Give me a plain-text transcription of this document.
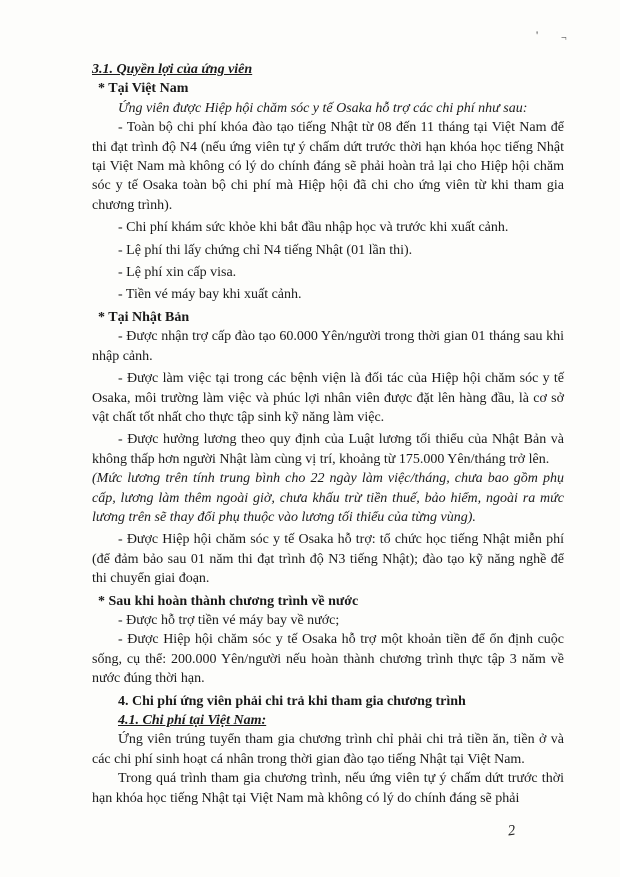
' ¬

3.1. Quyền lợi của ứng viên

* Tại Việt Nam

Ứng viên được Hiệp hội chăm sóc y tế Osaka hỗ trợ các chi phí như sau:

- Toàn bộ chi phí khóa đào tạo tiếng Nhật từ 08 đến 11 tháng tại Việt Nam để thi đạt trình độ N4 (nếu ứng viên tự ý chấm dứt trước thời hạn khóa học tiếng Nhật tại Việt Nam mà không có lý do chính đáng sẽ phải hoàn trả lại cho Hiệp hội chăm sóc y tế Osaka toàn bộ chi phí mà Hiệp hội đã chi cho ứng viên từ khi tham gia chương trình).

- Chi phí khám sức khỏe khi bắt đầu nhập học và trước khi xuất cảnh.

- Lệ phí thi lấy chứng chỉ N4 tiếng Nhật (01 lần thi).

- Lệ phí xin cấp visa.

- Tiền vé máy bay khi xuất cảnh.

* Tại Nhật Bản

- Được nhận trợ cấp đào tạo 60.000 Yên/người trong thời gian 01 tháng sau khi nhập cảnh.

- Được làm việc tại trong các bệnh viện là đối tác của Hiệp hội chăm sóc y tế Osaka, môi trường làm việc và phúc lợi nhân viên được đặt lên hàng đầu, là cơ sở vật chất tốt nhất cho thực tập sinh kỹ năng làm việc.

- Được hưởng lương theo quy định của Luật lương tối thiểu của Nhật Bản và không thấp hơn người Nhật làm cùng vị trí, khoảng từ 175.000 Yên/tháng trở lên.

(Mức lương trên tính trung bình cho 22 ngày làm việc/tháng, chưa bao gồm phụ cấp, lương làm thêm ngoài giờ, chưa khấu trừ tiền thuế, bảo hiểm, ngoài ra mức lương trên sẽ thay đổi phụ thuộc vào lương tối thiểu của từng vùng).

- Được Hiệp hội chăm sóc y tế Osaka hỗ trợ: tổ chức học tiếng Nhật miễn phí (để đảm bảo sau 01 năm thi đạt trình độ N3 tiếng Nhật); đào tạo kỹ năng nghề để thi chuyển giai đoạn.

* Sau khi hoàn thành chương trình về nước

- Được hỗ trợ tiền vé máy bay về nước;

- Được Hiệp hội chăm sóc y tế Osaka hỗ trợ một khoản tiền để ổn định cuộc sống, cụ thể: 200.000 Yên/người nếu hoàn thành chương trình thực tập 3 năm về nước đúng thời hạn.

4. Chi phí ứng viên phải chi trả khi tham gia chương trình

4.1. Chi phí tại Việt Nam:

Ứng viên trúng tuyển tham gia chương trình chỉ phải chi trả tiền ăn, tiền ở và các chi phí sinh hoạt cá nhân trong thời gian đào tạo tiếng Nhật tại Việt Nam.

Trong quá trình tham gia chương trình, nếu ứng viên tự ý chấm dứt trước thời hạn khóa học tiếng Nhật tại Việt Nam mà không có lý do chính đáng sẽ phải

2
